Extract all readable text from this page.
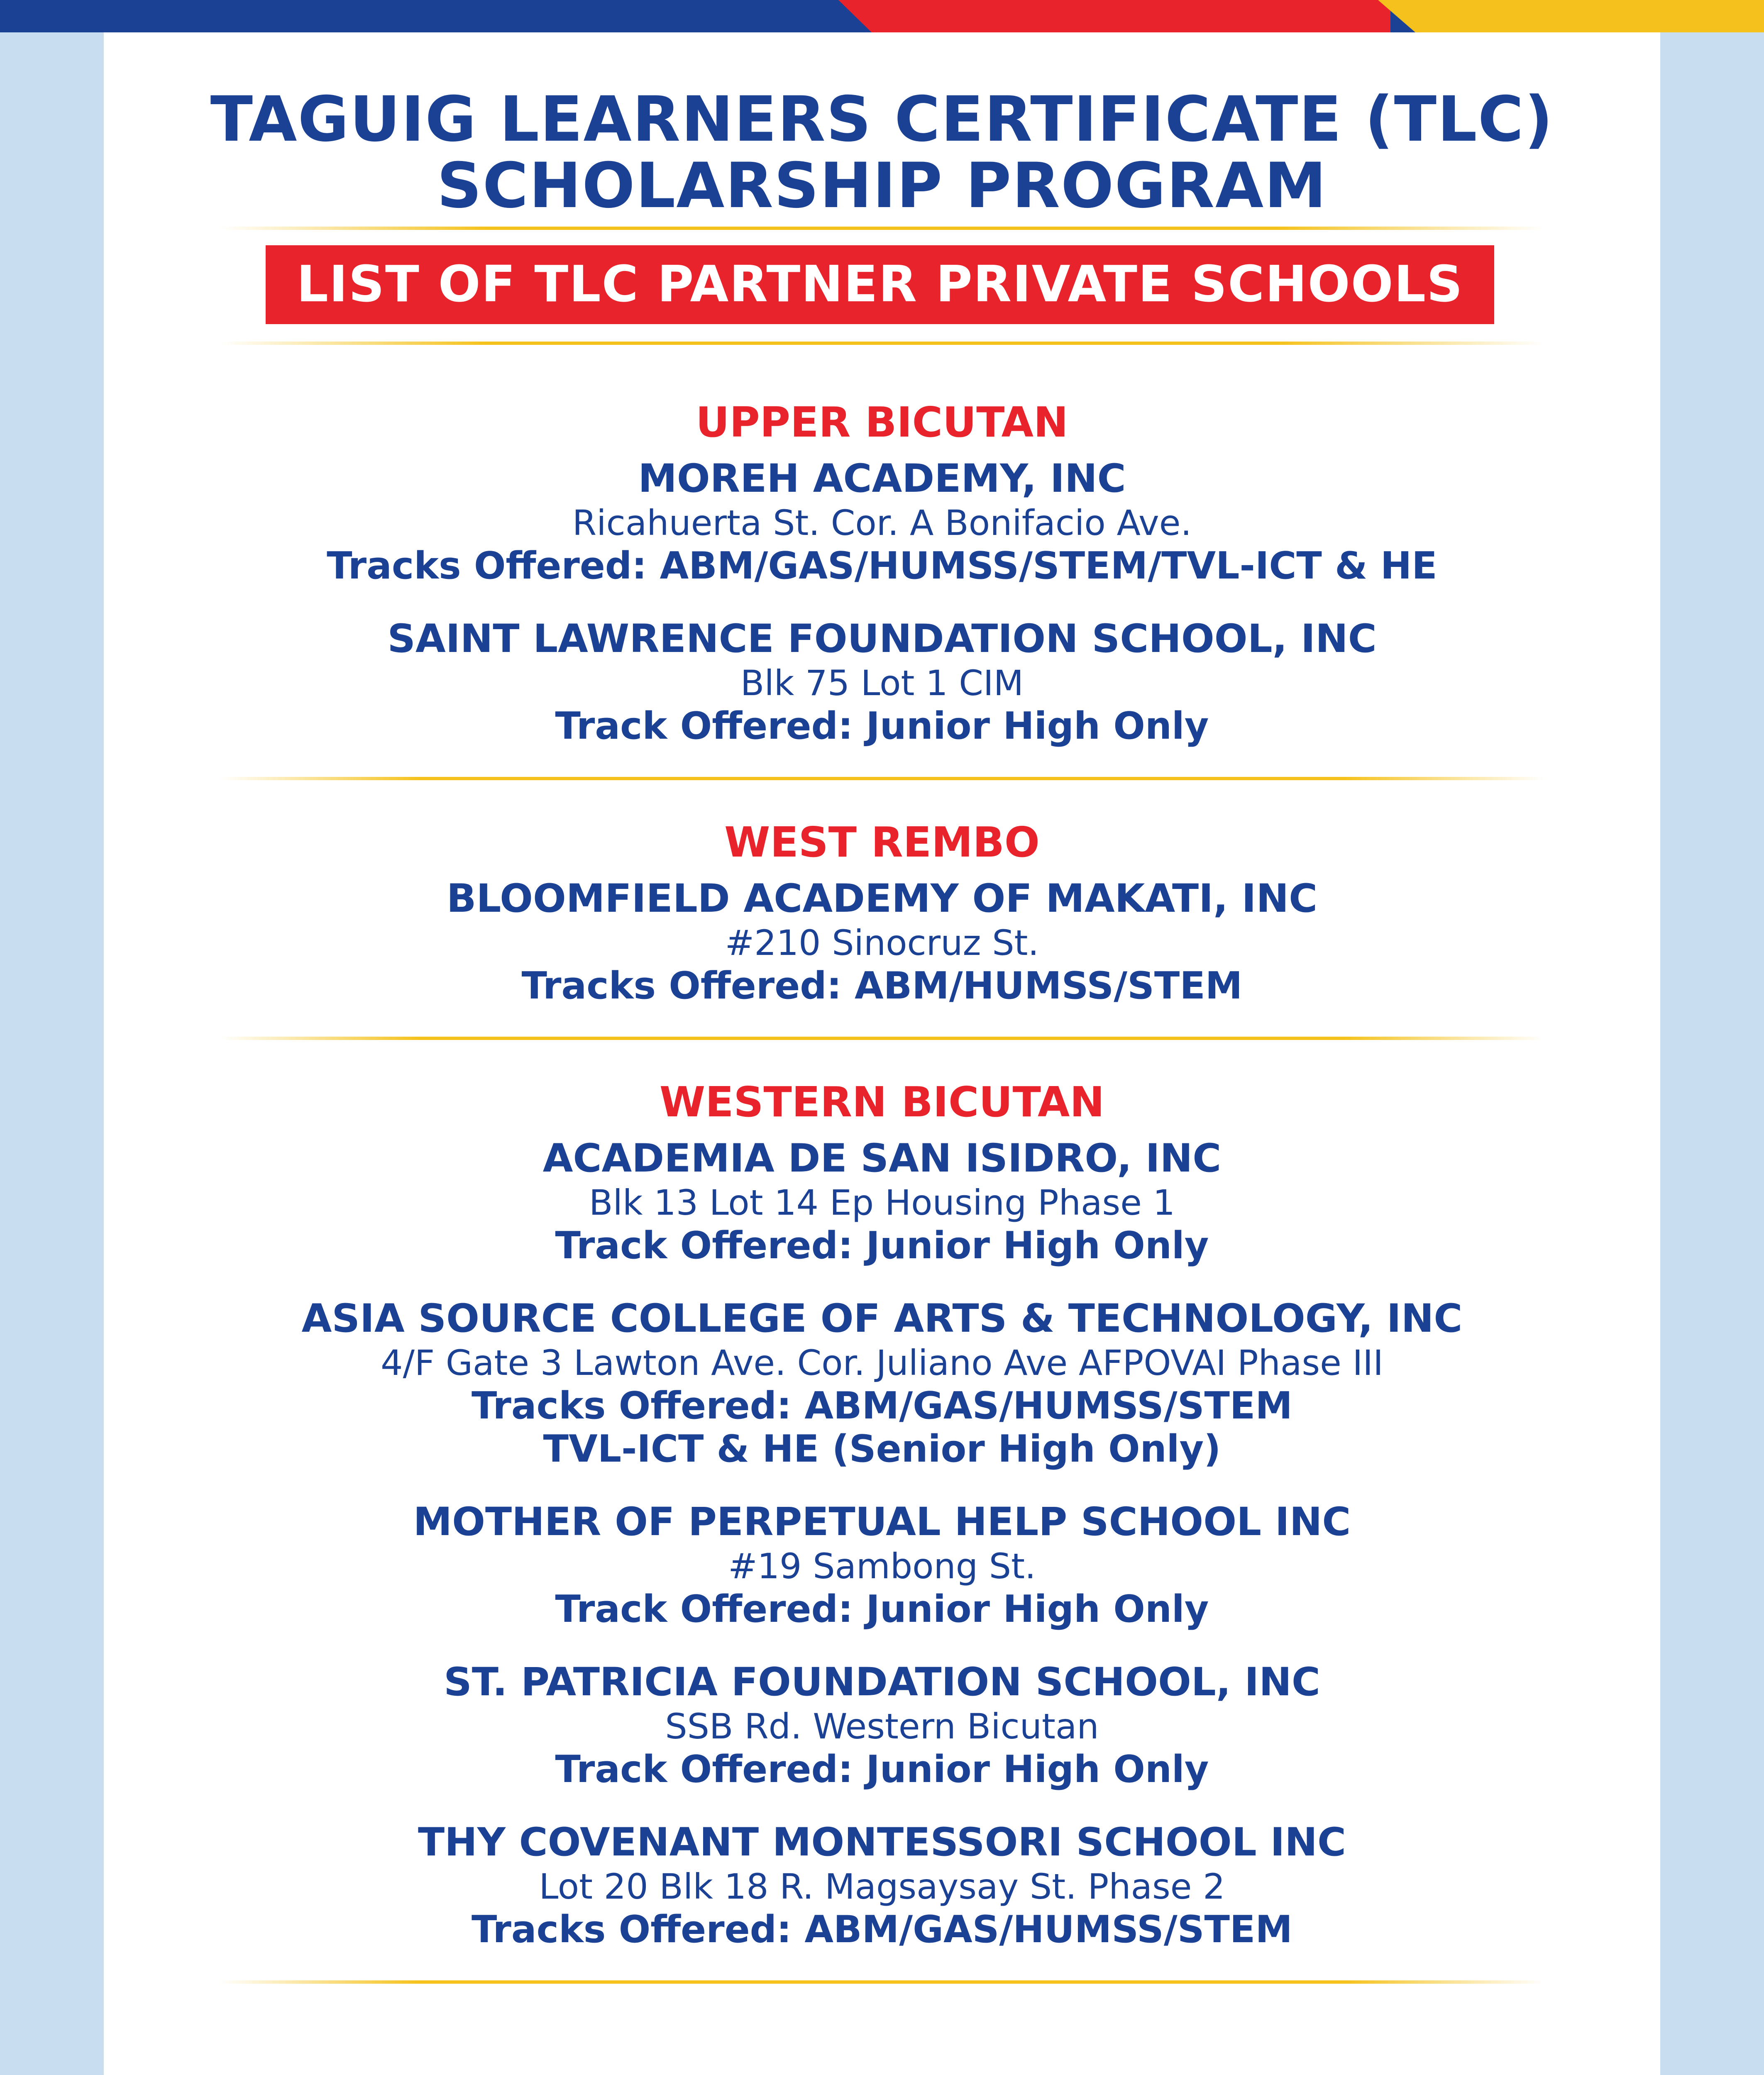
TAGUIG LEARNERS CERTIFICATE (TLC)
SCHOLARSHIP PROGRAM
LIST OF TLC PARTNER PRIVATE SCHOOLS
UPPER BICUTAN
MOREH ACADEMY, INC
Ricahuerta St. Cor. A Bonifacio Ave.
Tracks Offered: ABM/GAS/HUMSS/STEM/TVL-ICT & HE
SAINT LAWRENCE FOUNDATION SCHOOL, INC
Blk 75 Lot 1 CIM
Track Offered: Junior High Only
WEST REMBO
BLOOMFIELD ACADEMY OF MAKATI, INC
#210 Sinocruz St.
Tracks Offered: ABM/HUMSS/STEM
WESTERN BICUTAN
ACADEMIA DE SAN ISIDRO, INC
Blk 13 Lot 14 Ep Housing Phase 1
Track Offered: Junior High Only
ASIA SOURCE COLLEGE OF ARTS & TECHNOLOGY, INC
4/F Gate 3 Lawton Ave. Cor. Juliano Ave AFPOVAI Phase III
Tracks Offered: ABM/GAS/HUMSS/STEM
TVL-ICT & HE (Senior High Only)
MOTHER OF PERPETUAL HELP SCHOOL INC
#19 Sambong St.
Track Offered: Junior High Only
ST. PATRICIA FOUNDATION SCHOOL, INC
SSB Rd. Western Bicutan
Track Offered: Junior High Only
THY COVENANT MONTESSORI SCHOOL INC
Lot 20 Blk 18 R. Magsaysay St. Phase 2
Tracks Offered: ABM/GAS/HUMSS/STEM
